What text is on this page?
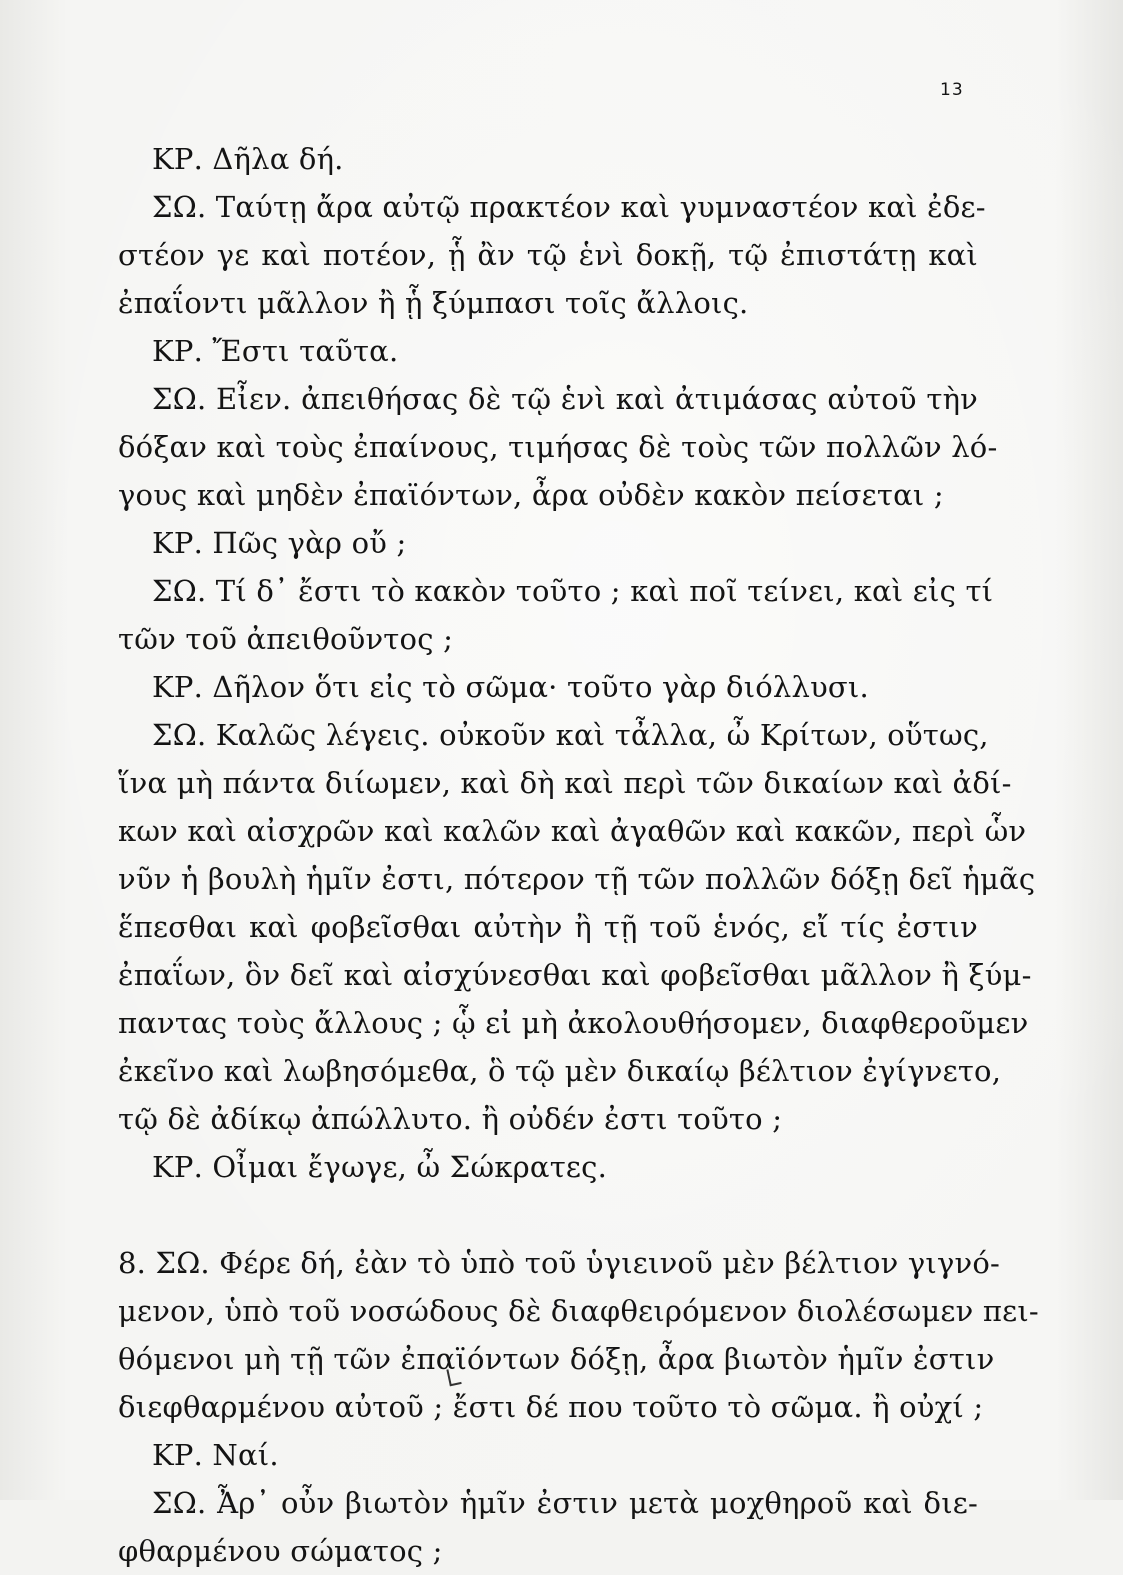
13
ΚΡ. Δῆλα δή.
ΣΩ. Ταύτῃ ἄρα αὐτῷ πρακτέον καὶ γυμναστέον καὶ ἐδε-
στέον γε καὶ ποτέον, ᾗ ἂν τῷ ἑνὶ δοκῇ, τῷ ἐπιστάτῃ καὶ
ἐπαΐοντι μᾶλλον ἢ ᾗ ξύμπασι τοῖς ἄλλοις.
ΚΡ. Ἔστι ταῦτα.
ΣΩ. Εἶεν. ἀπειθήσας δὲ τῷ ἑνὶ καὶ ἀτιμάσας αὐτοῦ τὴν
δόξαν καὶ τοὺς ἐπαίνους, τιμήσας δὲ τοὺς τῶν πολλῶν λό-
γους καὶ μηδὲν ἐπαϊόντων, ἆρα οὐδὲν κακὸν πείσεται ;
ΚΡ. Πῶς γὰρ οὔ ;
ΣΩ. Τί δ᾽ ἔστι τὸ κακὸν τοῦτο ; καὶ ποῖ τείνει, καὶ εἰς τί
τῶν τοῦ ἀπειθοῦντος ;
ΚΡ. Δῆλον ὅτι εἰς τὸ σῶμα· τοῦτο γὰρ διόλλυσι.
ΣΩ. Καλῶς λέγεις. οὐκοῦν καὶ τἆλλα, ὦ Κρίτων, οὕτως,
ἵνα μὴ πάντα διίωμεν, καὶ δὴ καὶ περὶ τῶν δικαίων καὶ ἀδί-
κων καὶ αἰσχρῶν καὶ καλῶν καὶ ἀγαθῶν καὶ κακῶν, περὶ ὧν
νῦν ἡ βουλὴ ἡμῖν ἐστι, πότερον τῇ τῶν πολλῶν δόξῃ δεῖ ἡμᾶς
ἕπεσθαι καὶ φοβεῖσθαι αὐτὴν ἢ τῇ τοῦ ἑνός, εἴ τίς ἐστιν
ἐπαΐων, ὃν δεῖ καὶ αἰσχύνεσθαι καὶ φοβεῖσθαι μᾶλλον ἢ ξύμ-
παντας τοὺς ἄλλους ; ᾧ εἰ μὴ ἀκολουθήσομεν, διαφθεροῦμεν
ἐκεῖνο καὶ λωβησόμεθα, ὃ τῷ μὲν δικαίῳ βέλτιον ἐγίγνετο,
τῷ δὲ ἀδίκῳ ἀπώλλυτο. ἢ οὐδέν ἐστι τοῦτο ;
ΚΡ. Οἶμαι ἔγωγε, ὦ Σώκρατες.
8. ΣΩ. Φέρε δή, ἐὰν τὸ ὑπὸ τοῦ ὑγιεινοῦ μὲν βέλτιον γιγνό-
μενον, ὑπὸ τοῦ νοσώδους δὲ διαφθειρόμενον διολέσωμεν πει-
θόμενοι μὴ τῇ τῶν ἐπαϊόντων δόξῃ, ἆρα βιωτὸν ἡμῖν ἐστιν
διεφθαρμένου αὐτοῦ ; ἔστι δέ που τοῦτο τὸ σῶμα. ἢ οὐχί ;
ΚΡ. Ναί.
ΣΩ. Ἆρ᾽ οὖν βιωτὸν ἡμῖν ἐστιν μετὰ μοχθηροῦ καὶ διε-
φθαρμένου σώματος ;
